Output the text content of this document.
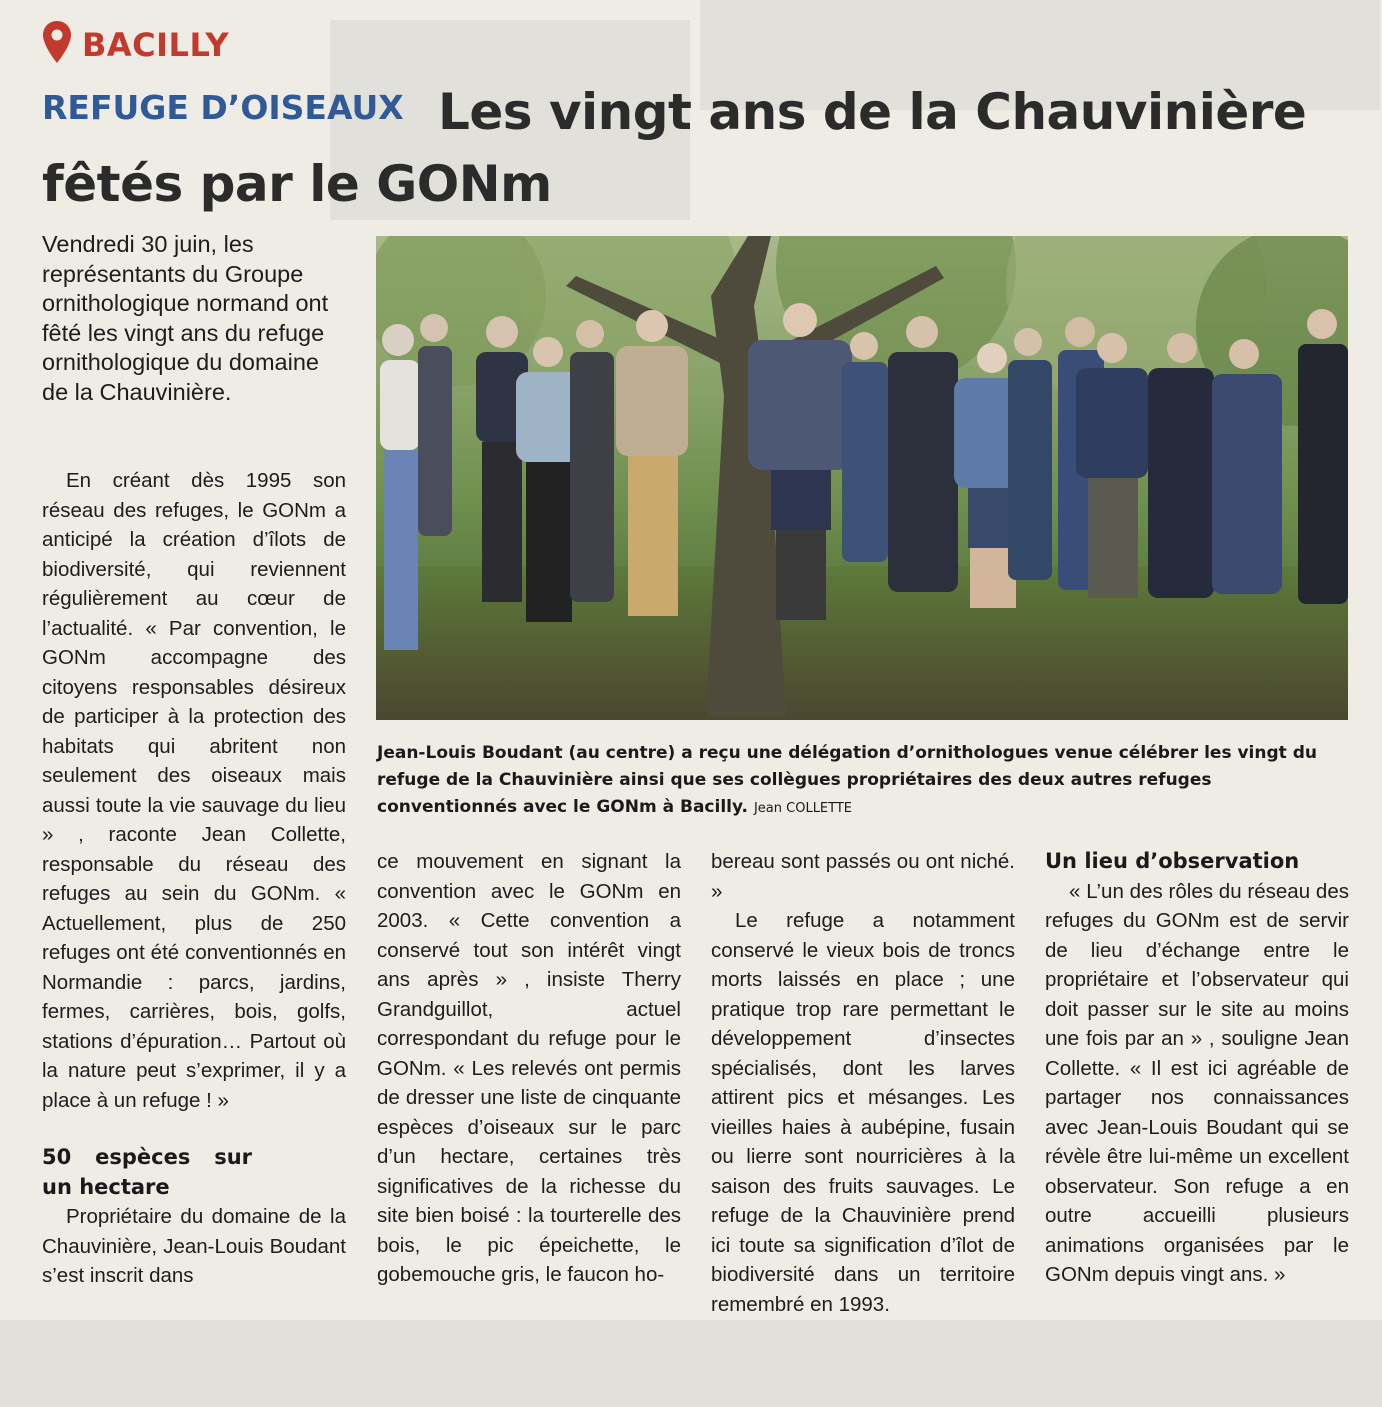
BACILLY
REFUGE D’OISEAUX Les vingt ans de la Chauvinière fêtés par le GONm

Vendredi 30 juin, les représentants du Groupe ornithologique normand ont fêté les vingt ans du refuge ornithologique du domaine de la Chauvinière.

Jean-Louis Boudant (au centre) a reçu une délégation d’ornithologues venue célébrer les vingt du refuge de la Chauvinière ainsi que ses collègues propriétaires des deux autres refuges conventionnés avec le GONm à Bacilly. Jean COLLETTE

En créant dès 1995 son réseau des refuges, le GONm a anticipé la création d’îlots de biodiversité, qui reviennent régulièrement au cœur de l’actualité. « Par convention, le GONm accompagne des citoyens responsables désireux de participer à la protection des habitats qui abritent non seulement des oiseaux mais aussi toute la vie sauvage du lieu » , raconte Jean Collette, responsable du réseau des refuges au sein du GONm. « Actuellement, plus de 250 refuges ont été conventionnés en Normandie : parcs, jardins, fermes, carrières, bois, golfs, stations d’épuration… Partout où la nature peut s’exprimer, il y a place à un refuge ! »

50 espèces sur un hectare

Propriétaire du domaine de la Chauvinière, Jean-Louis Boudant s’est inscrit dans

ce mouvement en signant la convention avec le GONm en 2003. « Cette convention a conservé tout son intérêt vingt ans après » , insiste Therry Grandguillot, actuel correspondant du refuge pour le GONm. « Les relevés ont permis de dresser une liste de cinquante espèces d’oiseaux sur le parc d’un hectare, certaines très significatives de la richesse du site bien boisé : la tourterelle des bois, le pic épeichette, le gobemouche gris, le faucon ho-

bereau sont passés ou ont niché. »

Le refuge a notamment conservé le vieux bois de troncs morts laissés en place ; une pratique trop rare permettant le développement d’insectes spécialisés, dont les larves attirent pics et mésanges. Les vieilles haies à aubépine, fusain ou lierre sont nourricières à la saison des fruits sauvages. Le refuge de la Chauvinière prend ici toute sa signification d’îlot de biodiversité dans un territoire remembré en 1993.

Un lieu d’observation

« L’un des rôles du réseau des refuges du GONm est de servir de lieu d’échange entre le propriétaire et l’observateur qui doit passer sur le site au moins une fois par an » , souligne Jean Collette. « Il est ici agréable de partager nos connaissances avec Jean-Louis Boudant qui se révèle être lui-même un excellent observateur. Son refuge a en outre accueilli plusieurs animations organisées par le GONm depuis vingt ans. »
